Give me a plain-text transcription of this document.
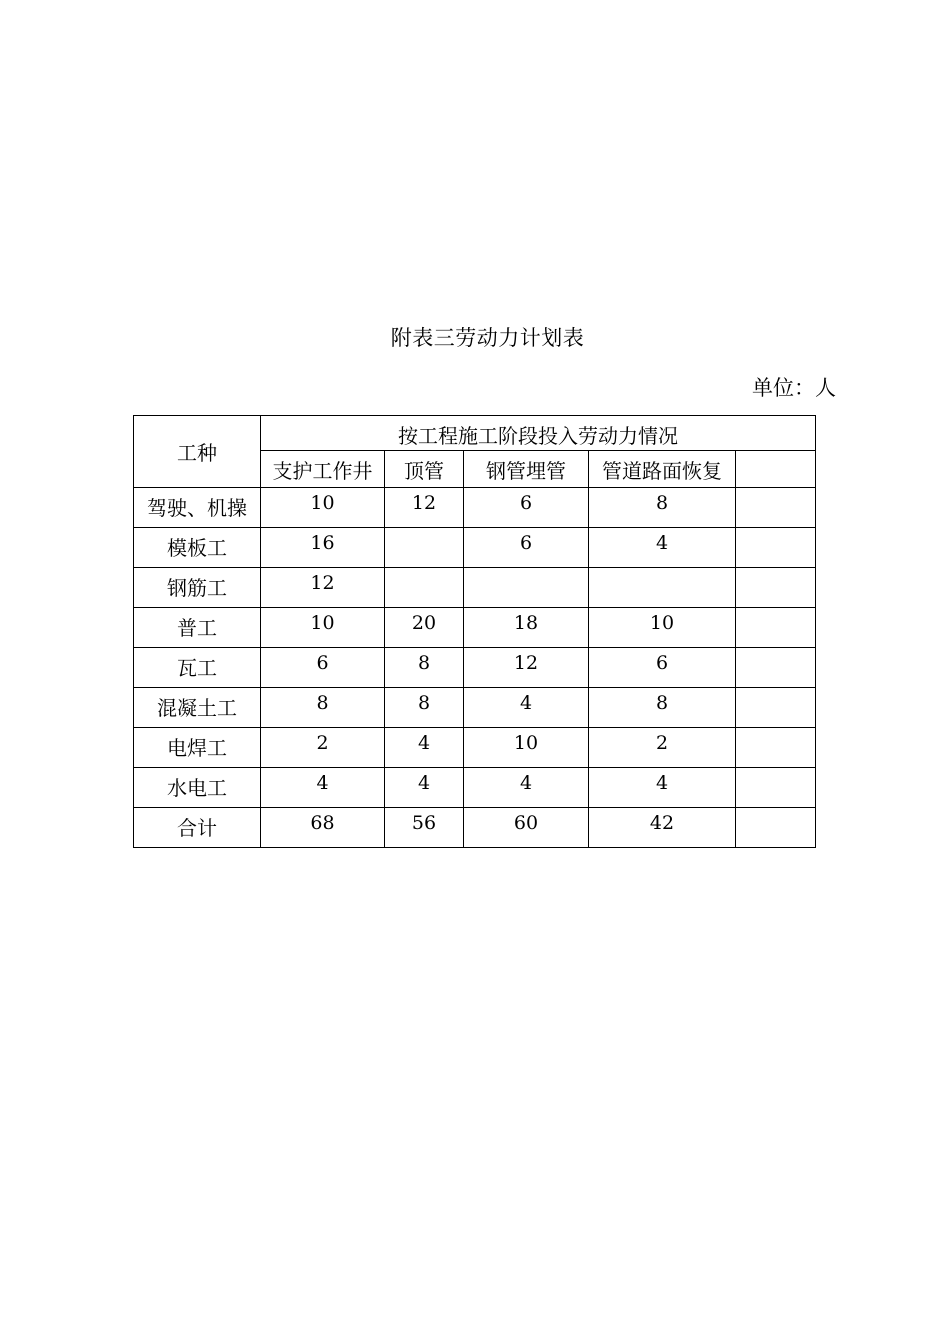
附表三劳动力计划表
单位：人
工种	按工程施工阶段投入劳动力情况				
	支护工作井	顶管	钢管埋管	管道路面恢复	
驾驶、机操	10	12	6	8	
模板工	16		6	4	
钢筋工	12				
普工	10	20	18	10	
瓦工	6	8	12	6	
混凝土工	8	8	4	8	
电焊工	2	4	10	2	
水电工	4	4	4	4	
合计	68	56	60	42	
